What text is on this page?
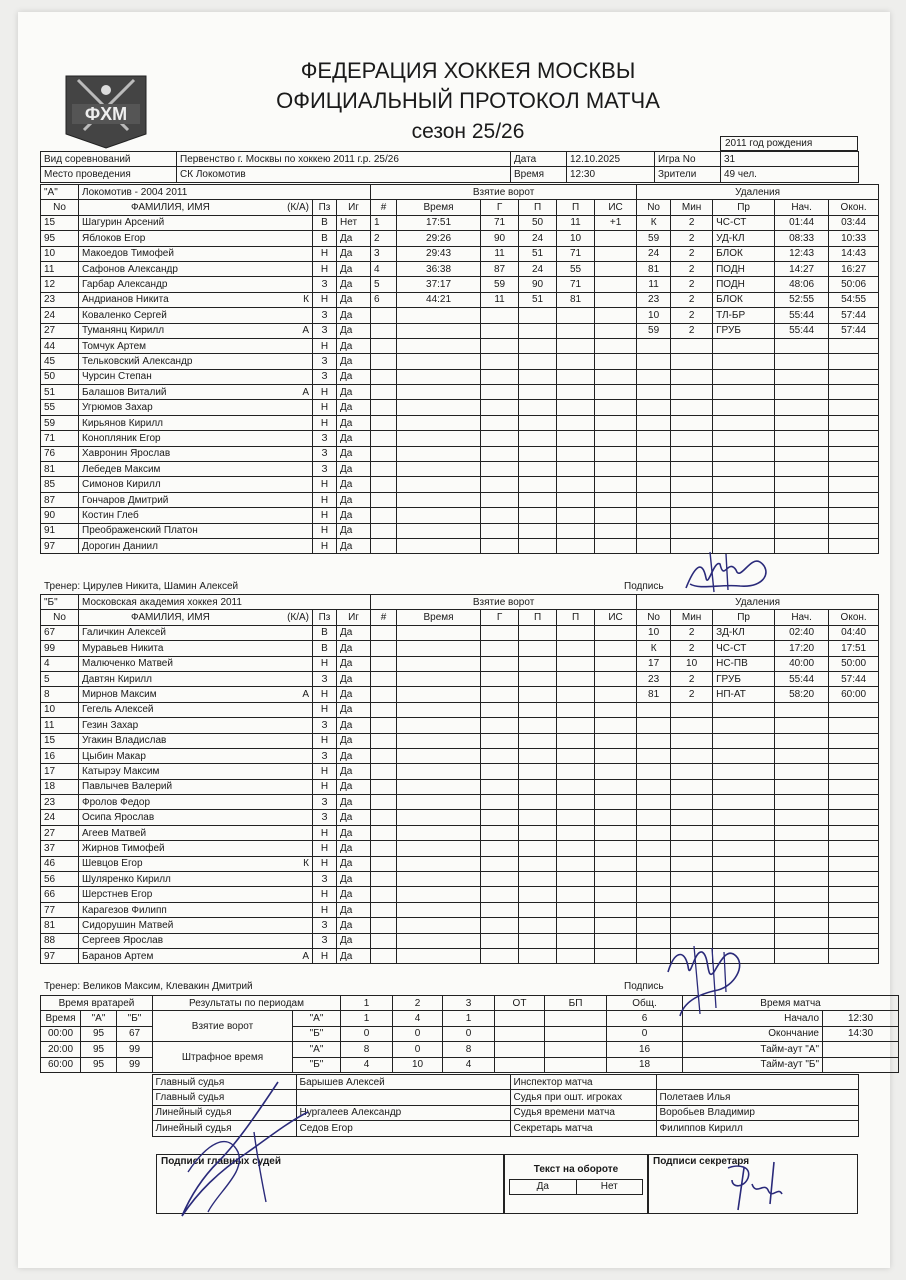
ФХМ
ФЕДЕРАЦИЯ ХОККЕЯ МОСКВЫ
ОФИЦИАЛЬНЫЙ ПРОТОКОЛ МАТЧА
сезон 25/26
2011 год рождения
Вид соревнований	Первенство г. Москвы по хоккею 2011 г.р. 25/26	Дата	12.10.2025	Игра No	31
Место проведения	СК Локомотив	Время	12:30	Зрители	49 чел.
"А"	Локомотив - 2004 2011			Взятие ворот						Удаления				
No	ФАМИЛИЯ, ИМЯ (К/А)	Пз	Иг	#	Время	Г	П	П	ИС	No	Мин	Пр	Нач.	Окон.
15	Шагурин Арсений	В	Нет	1	17:51	71	50	11	+1	К	2	ЧС-СТ	01:44	03:44
95	Яблоков Егор	В	Да	2	29:26	90	24	10		59	2	УД-КЛ	08:33	10:33
10	Макоедов Тимофей	Н	Да	3	29:43	11	51	71		24	2	БЛОК	12:43	14:43
11	Сафонов Александр	Н	Да	4	36:38	87	24	55		81	2	ПОДН	14:27	16:27
12	Гарбар Александр	З	Да	5	37:17	59	90	71		11	2	ПОДН	48:06	50:06
23	Андрианов Никита К	Н	Да	6	44:21	11	51	81		23	2	БЛОК	52:55	54:55
24	Коваленко Сергей	З	Да							10	2	ТЛ-БР	55:44	57:44
27	Туманянц Кирилл А	З	Да							59	2	ГРУБ	55:44	57:44
44	Томчук Артем	Н	Да											
45	Тельковский Александр	З	Да											
50	Чурсин Степан	З	Да											
51	Балашов Виталий А	Н	Да											
55	Угрюмов Захар	Н	Да											
59	Кирьянов Кирилл	Н	Да											
71	Конопляник Егор	З	Да											
76	Хавронин Ярослав	З	Да											
81	Лебедев Максим	З	Да											
85	Симонов Кирилл	Н	Да											
87	Гончаров Дмитрий	Н	Да											
90	Костин Глеб	Н	Да											
91	Преображенский Платон	Н	Да											
97	Дорогин Даниил	Н	Да											
Тренер: Цирулев Никита, Шамин Алексей	Подпись
"Б"	Московская академия хоккея 2011			Взятие ворот						Удаления				
No	ФАМИЛИЯ, ИМЯ (К/А)	Пз	Иг	#	Время	Г	П	П	ИС	No	Мин	Пр	Нач.	Окон.
67	Галичкин Алексей	В	Да							10	2	ЗД-КЛ	02:40	04:40
99	Муравьев Никита	В	Да							К	2	ЧС-СТ	17:20	17:51
4	Малюченко Матвей	Н	Да							17	10	НС-ПВ	40:00	50:00
5	Давтян Кирилл	З	Да							23	2	ГРУБ	55:44	57:44
8	Мирнов Максим А	Н	Да							81	2	НП-АТ	58:20	60:00
10	Гегель Алексей	Н	Да											
11	Гезин Захар	З	Да											
15	Угакин Владислав	Н	Да											
16	Цыбин Макар	З	Да											
17	Катырэу Максим	Н	Да											
18	Павлычев Валерий	Н	Да											
23	Фролов Федор	З	Да											
24	Осипа Ярослав	З	Да											
27	Агеев Матвей	Н	Да											
37	Жирнов Тимофей	Н	Да											
46	Шевцов Егор К	Н	Да											
56	Шуляренко Кирилл	З	Да											
66	Шерстнев Егор	Н	Да											
77	Карагезов Филипп	Н	Да											
81	Сидорушин Матвей	З	Да											
88	Сергеев Ярослав	З	Да											
97	Баранов Артем А	Н	Да											
Тренер: Великов Максим, Клевакин Дмитрий	Подпись
Время вратарей			Результаты по периодам		1	2	3	ОТ	БП	Общ.	Время матча	
Время	"А"	"Б"	Взятие ворот	"А"	1	4	1			6	Начало	12:30
00:00	95	67		"Б"	0	0	0			0	Окончание	14:30
20:00	95	99	Штрафное время	"А"	8	0	8			16	Тайм-аут "А"	
60:00	95	99		"Б"	4	10	4			18	Тайм-аут "Б"	
	Главный судья	Барышев Алексей	Инспектор матча	
	Главный судья		Судья при ошт. игроках	Полетаев Илья
	Линейный судья	Нургалеев Александр	Судья времени матча	Воробьев Владимир
	Линейный судья	Седов Егор	Секретарь матча	Филиппов Кирилл
Подписи главных судей
Текст на обороте
Да	Нет
Подписи секретаря
